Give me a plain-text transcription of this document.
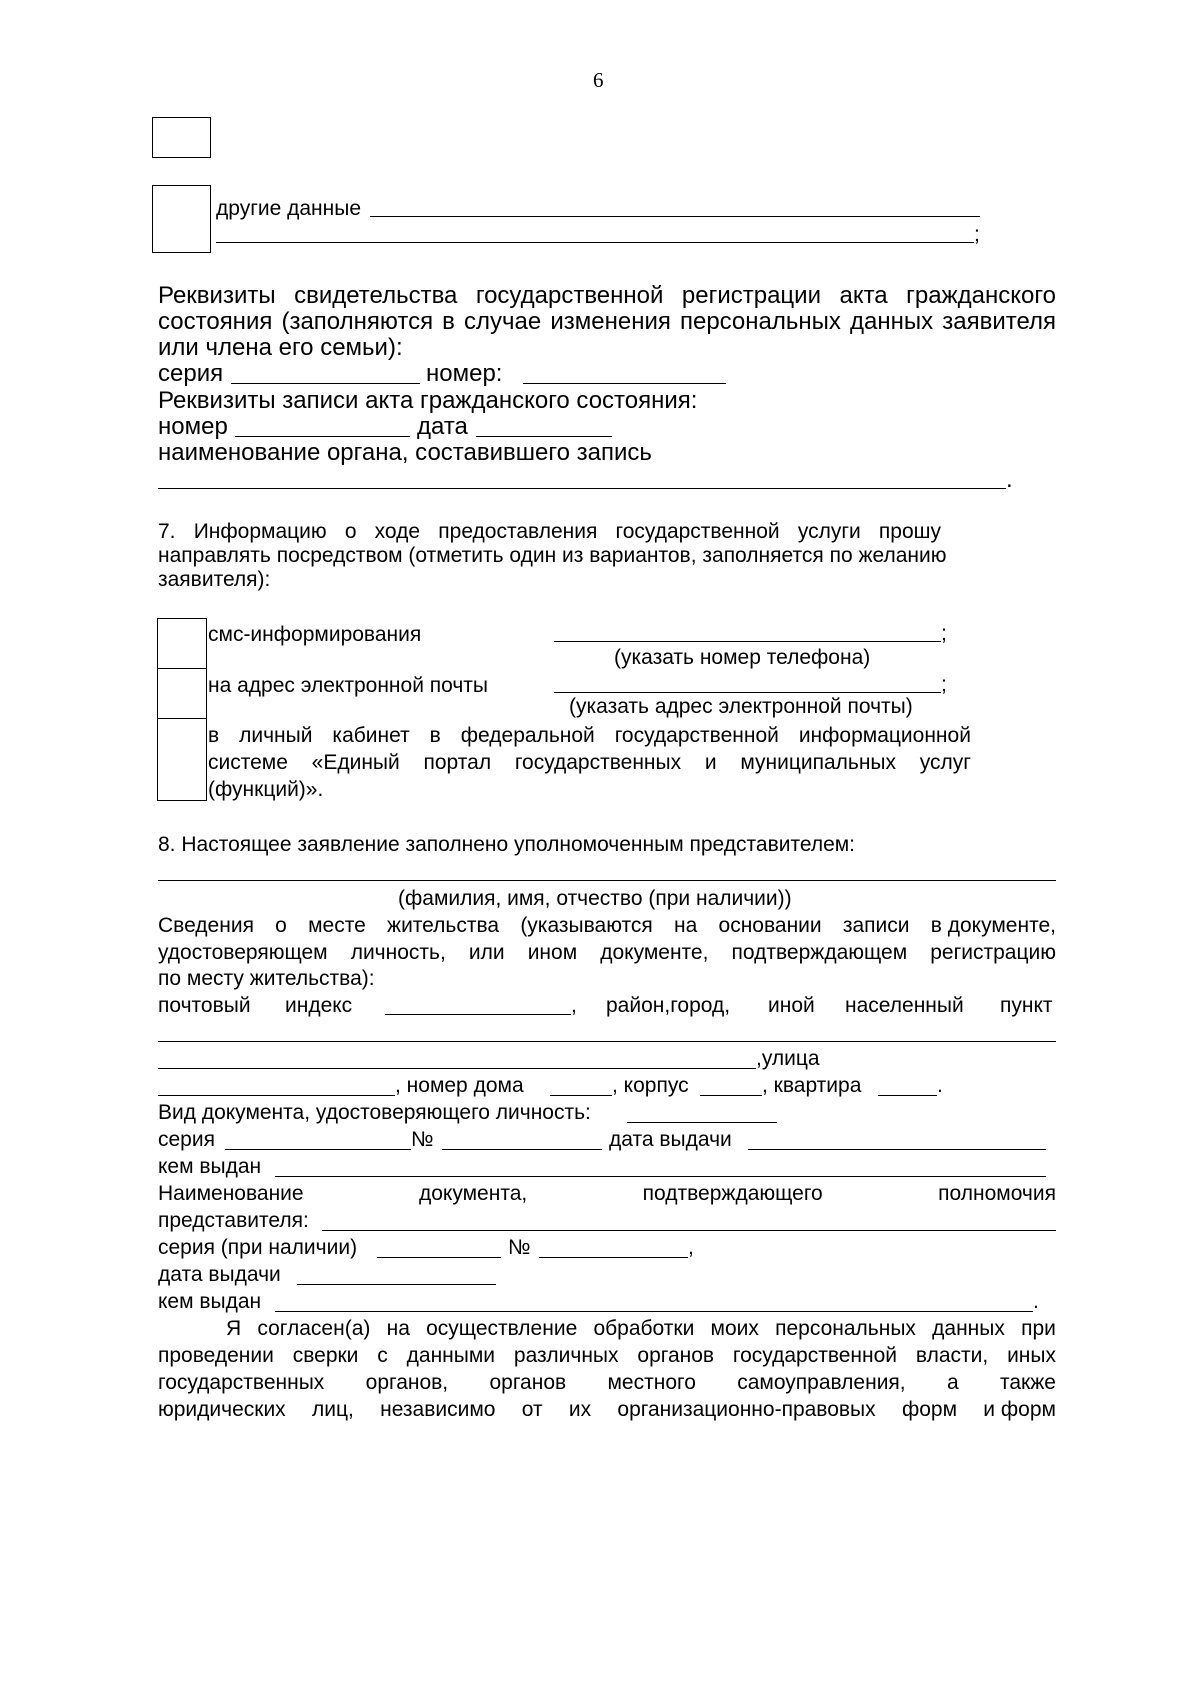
6
другие данные
;
Реквизиты свидетельства государственной регистрации акта гражданского
состояния (заполняются в случае изменения персональных данных заявителя
или члена его семьи):
серия	номер:
Реквизиты записи акта гражданского состояния:
номер	дата
наименование органа, составившего запись
.
7. Информацию о ходе предоставления государственной услуги прошу
направлять посредством (отметить один из вариантов, заполняется по желанию
заявителя):
смс-информирования	;
(указать номер телефона)
на адрес электронной почты	;
(указать адрес электронной почты)
в личный кабинет в федеральной государственной информационной
системе «Единый портал государственных и муниципальных услуг
(функций)».
8. Настоящее заявление заполнено уполномоченным представителем:
(фамилия, имя, отчество (при наличии))
Сведения о месте жительства (указываются на основании записи в документе,
удостоверяющем личность, или ином документе, подтверждающем регистрацию
по месту жительства):
почтовый индекс	, район,город, иной населенный пункт
,улица
, номер дома	, корпус	, квартира	.
Вид документа, удостоверяющего личность:
серия	№	дата выдачи
кем выдан
Наименование	документа,	подтверждающего	полномочия
представителя:
серия (при наличии)	№	,
дата выдачи
кем выдан	.
Я согласен(а) на осуществление обработки моих персональных данных при
проведении сверки с данными различных органов государственной власти, иных
государственных органов, органов местного самоуправления, а также
юридических лиц, независимо от их организационно-правовых форм и форм
